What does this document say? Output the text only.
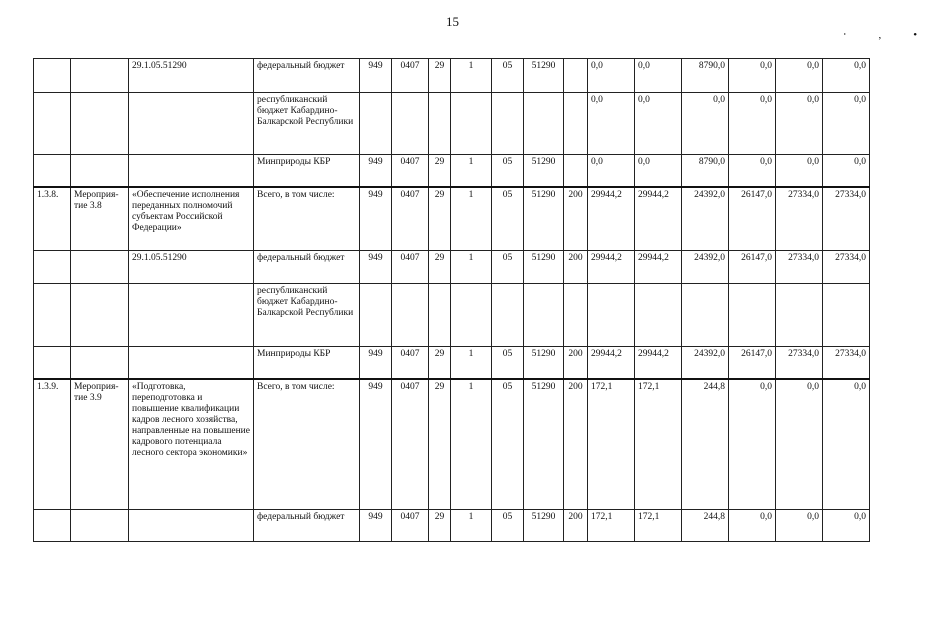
15
‧,•
		29.1.05.51290	федеральный бюджет	949	0407	29	1	05	51290		0,0	0,0	8790,0	0,0	0,0	0,0
			республиканский бюджет Кабардино-Балкарской Республики								0,0	0,0	0,0	0,0	0,0	0,0
			Минприроды КБР	949	0407	29	1	05	51290		0,0	0,0	8790,0	0,0	0,0	0,0
1.3.8.	Мероприя-тие 3.8	«Обеспечение исполнения переданных полномочий субъектам Российской Федерации»	Всего, в том числе:	949	0407	29	1	05	51290	200	29944,2	29944,2	24392,0	26147,0	27334,0	27334,0
		29.1.05.51290	федеральный бюджет	949	0407	29	1	05	51290	200	29944,2	29944,2	24392,0	26147,0	27334,0	27334,0
			республиканский бюджет Кабардино-Балкарской Республики													
			Минприроды КБР	949	0407	29	1	05	51290	200	29944,2	29944,2	24392,0	26147,0	27334,0	27334,0
1.3.9.	Мероприя-тие 3.9	«Подготовка, переподготовка и повышение квалификации кадров лесного хозяйства, направленные на повышение кадрового потенциала лесного сектора экономики»	Всего, в том числе:	949	0407	29	1	05	51290	200	172,1	172,1	244,8	0,0	0,0	0,0
			федеральный бюджет	949	0407	29	1	05	51290	200	172,1	172,1	244,8	0,0	0,0	0,0
